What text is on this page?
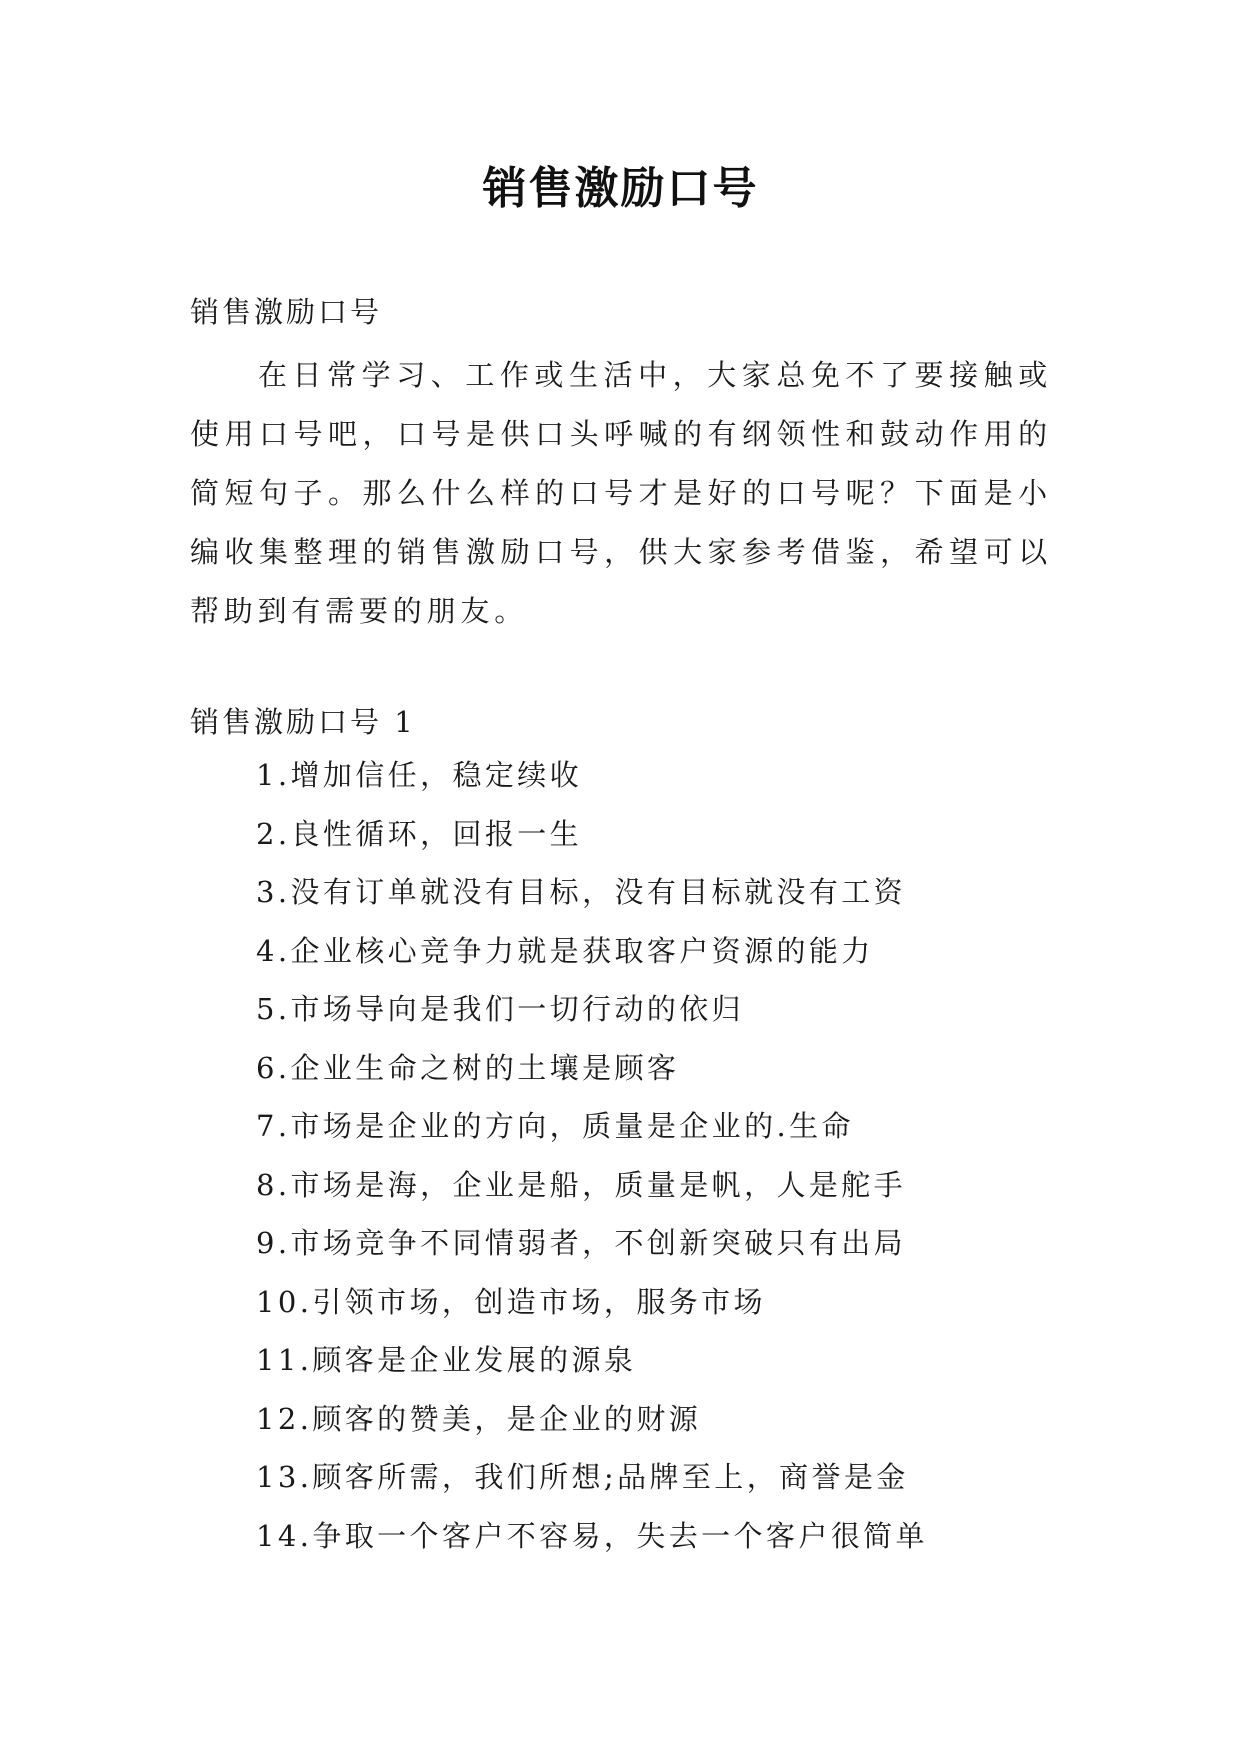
销售激励口号

销售激励口号

在日常学习、工作或生活中，大家总免不了要接触或使用口号吧，口号是供口头呼喊的有纲领性和鼓动作用的简短句子。那么什么样的口号才是好的口号呢？下面是小编收集整理的销售激励口号，供大家参考借鉴，希望可以帮助到有需要的朋友。

销售激励口号 1

1.增加信任，稳定续收
2.良性循环，回报一生
3.没有订单就没有目标，没有目标就没有工资
4.企业核心竞争力就是获取客户资源的能力
5.市场导向是我们一切行动的依归
6.企业生命之树的土壤是顾客
7.市场是企业的方向，质量是企业的.生命
8.市场是海，企业是船，质量是帆，人是舵手
9.市场竞争不同情弱者，不创新突破只有出局
10.引领市场，创造市场，服务市场
11.顾客是企业发展的源泉
12.顾客的赞美，是企业的财源
13.顾客所需，我们所想;品牌至上，商誉是金
14.争取一个客户不容易，失去一个客户很简单
